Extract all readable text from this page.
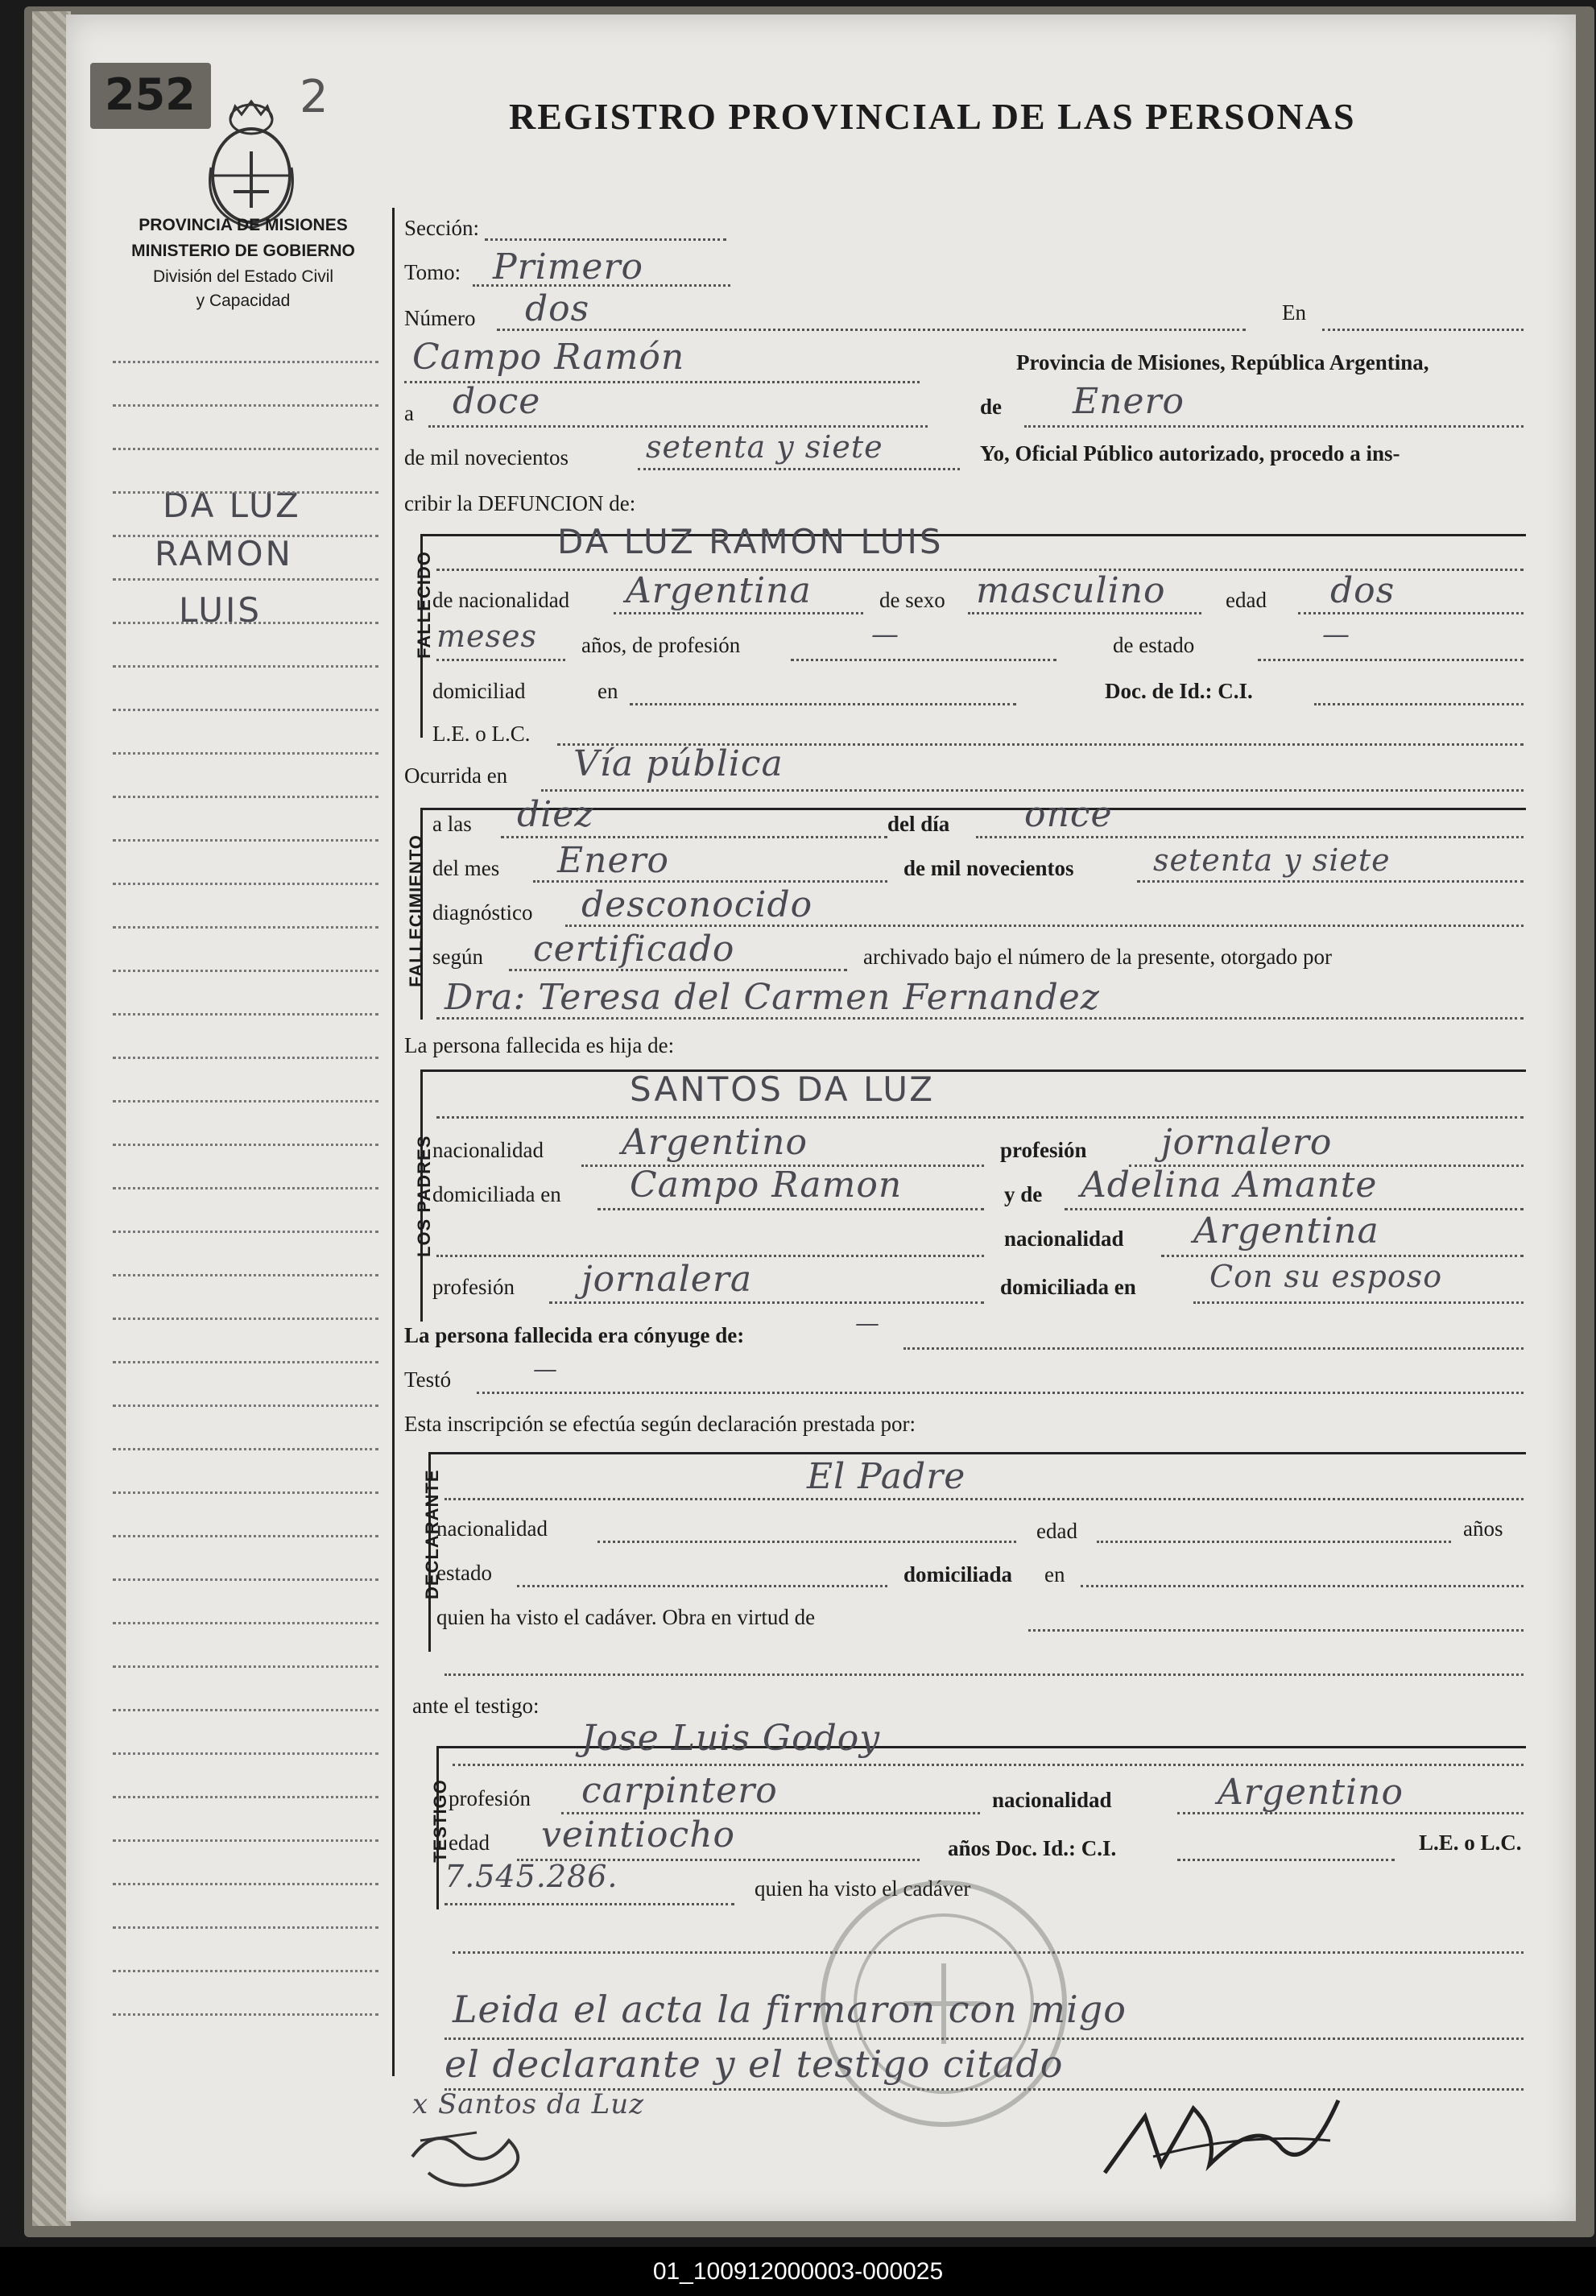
252 2	REGISTRO PROVINCIAL DE LAS PERSONAS
PROVINCIA DE MISIONES
MINISTERIO DE GOBIERNO
División del Estado Civil
y Capacidad
DA LUZ
RAMON
LUIS
Sección:
Tomo: Primero
Número dos	En
Campo Ramón	Provincia de Misiones, República Argentina,
a doce	de Enero
de mil novecientos	setenta y siete	Yo, Oficial Público autorizado, procedo a ins-
cribir la DEFUNCION de:
FALLECIDO
DA LUZ RAMON LUIS
de nacionalidad Argentina	de sexo masculino	edad dos
meses años, de profesión	—	de estado	—
domiciliad	en	Doc. de Id.: C.I.
L.E. o L.C.
Ocurrida en Vía pública
FALLECIMIENTO
a las diez	del día once
del mes Enero	de mil novecientos	setenta y siete
diagnóstico desconocido
según certificado	archivado bajo el número de la presente, otorgado por
Dra: Teresa del Carmen Fernandez
La persona fallecida es hija de:
LOS PADRES
SANTOS DA LUZ
nacionalidad Argentino	profesión jornalero
domiciliada en Campo Ramon	y de Adelina Amante
nacionalidad Argentina
profesión jornalera	domiciliada en Con su esposo
La persona fallecida era cónyuge de:	—
Testó	—
Esta inscripción se efectúa según declaración prestada por:
DECLARANTE	El Padre
nacionalidad	edad	años
estado	domiciliada en
quien ha visto el cadáver. Obra en virtud de
ante el testigo:
TESTIGO
Jose Luis Godoy
profesión carpintero	nacionalidad	Argentino
edad veintiocho	años Doc. Id.: C.I.	L.E. o L.C.
7.545.286.	quien ha visto el cadáver
Leida el acta la firmaron con migo
el declarante y el testigo citado
x Santos da Luz
01_100912000003-000025
